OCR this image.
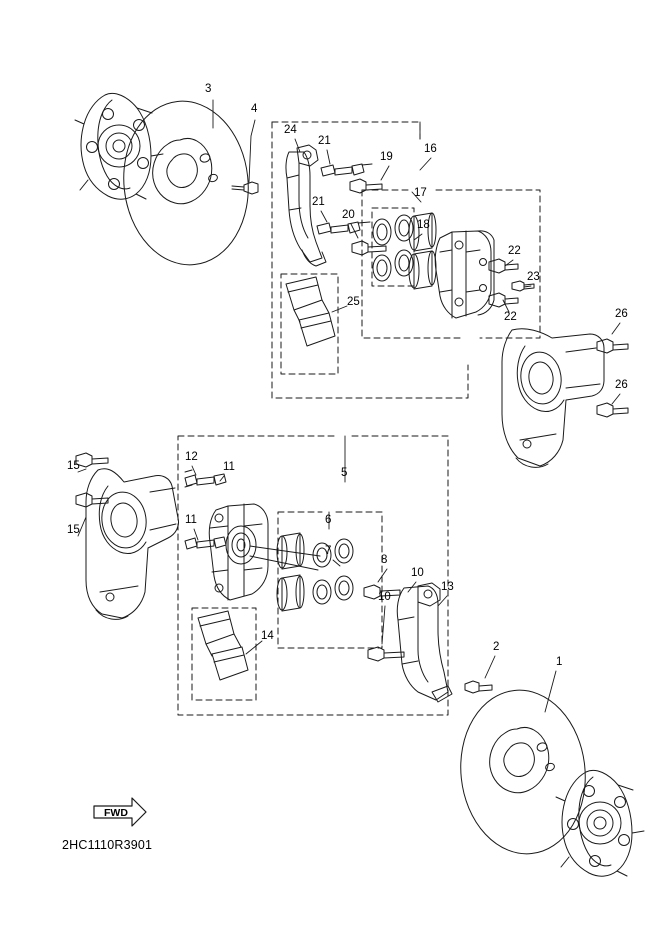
3
4
24
21
19
16
17
21
20
18
22
23
22
25
26
26
15
15
12
11
11
5
6
7
8
10
13
10
14
2
1
FWD
2HC1110R3901
